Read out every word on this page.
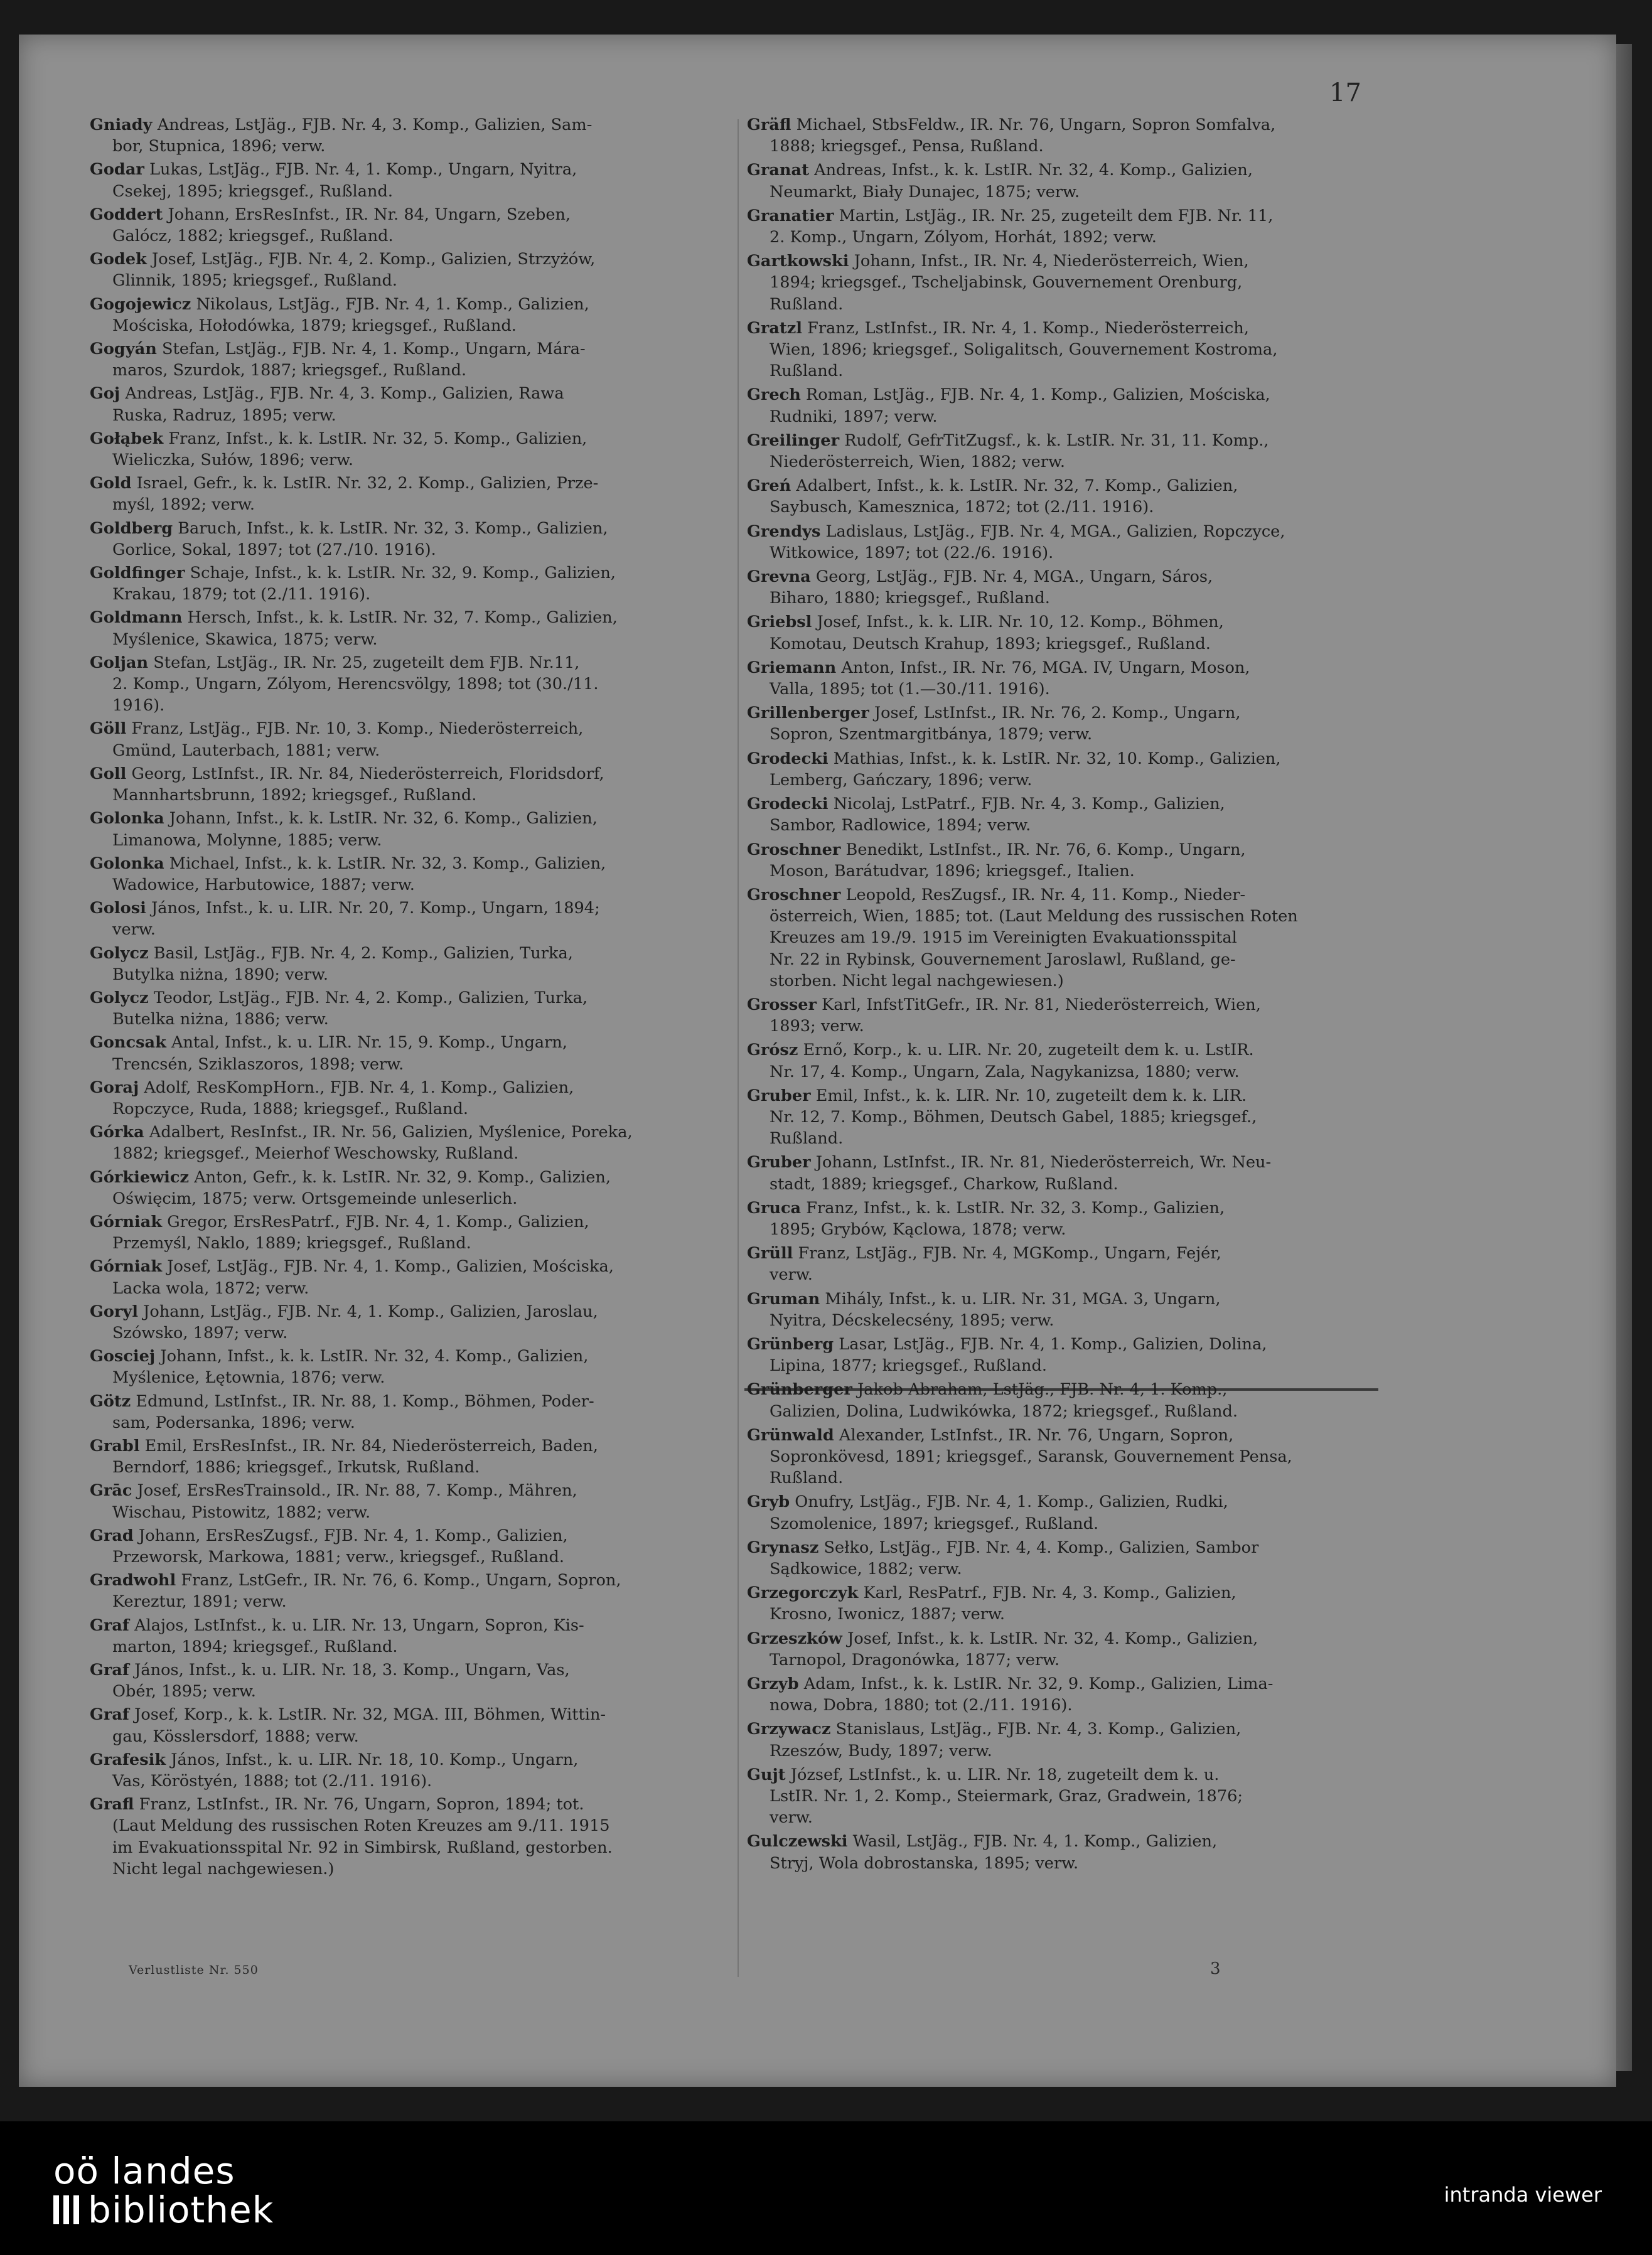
17
Gniady Andreas, LstJäg., FJB. Nr. 4, 3. Komp., Galizien, Sam-
bor, Stupnica, 1896; verw.
Godar Lukas, LstJäg., FJB. Nr. 4, 1. Komp., Ungarn, Nyitra,
Csekej, 1895; kriegsgef., Rußland.
Goddert Johann, ErsResInfst., IR. Nr. 84, Ungarn, Szeben,
Galócz, 1882; kriegsgef., Rußland.
Godek Josef, LstJäg., FJB. Nr. 4, 2. Komp., Galizien, Strzyżów,
Glinnik, 1895; kriegsgef., Rußland.
Gogojewicz Nikolaus, LstJäg., FJB. Nr. 4, 1. Komp., Galizien,
Mościska, Hołodówka, 1879; kriegsgef., Rußland.
Gogyán Stefan, LstJäg., FJB. Nr. 4, 1. Komp., Ungarn, Mára-
maros, Szurdok, 1887; kriegsgef., Rußland.
Goj Andreas, LstJäg., FJB. Nr. 4, 3. Komp., Galizien, Rawa
Ruska, Radruz, 1895; verw.
Gołąbek Franz, Infst., k. k. LstIR. Nr. 32, 5. Komp., Galizien,
Wieliczka, Sułów, 1896; verw.
Gold Israel, Gefr., k. k. LstIR. Nr. 32, 2. Komp., Galizien, Prze-
myśl, 1892; verw.
Goldberg Baruch, Infst., k. k. LstIR. Nr. 32, 3. Komp., Galizien,
Gorlice, Sokal, 1897; tot (27./10. 1916).
Goldfinger Schaje, Infst., k. k. LstIR. Nr. 32, 9. Komp., Galizien,
Krakau, 1879; tot (2./11. 1916).
Goldmann Hersch, Infst., k. k. LstIR. Nr. 32, 7. Komp., Galizien,
Myślenice, Skawica, 1875; verw.
Goljan Stefan, LstJäg., IR. Nr. 25, zugeteilt dem FJB. Nr.11,
2. Komp., Ungarn, Zólyom, Herencsvölgy, 1898; tot (30./11.
1916).
Göll Franz, LstJäg., FJB. Nr. 10, 3. Komp., Niederösterreich,
Gmünd, Lauterbach, 1881; verw.
Goll Georg, LstInfst., IR. Nr. 84, Niederösterreich, Floridsdorf,
Mannhartsbrunn, 1892; kriegsgef., Rußland.
Golonka Johann, Infst., k. k. LstIR. Nr. 32, 6. Komp., Galizien,
Limanowa, Molynne, 1885; verw.
Golonka Michael, Infst., k. k. LstIR. Nr. 32, 3. Komp., Galizien,
Wadowice, Harbutowice, 1887; verw.
Golosi János, Infst., k. u. LIR. Nr. 20, 7. Komp., Ungarn, 1894;
verw.
Golycz Basil, LstJäg., FJB. Nr. 4, 2. Komp., Galizien, Turka,
Butylka niżna, 1890; verw.
Golycz Teodor, LstJäg., FJB. Nr. 4, 2. Komp., Galizien, Turka,
Butelka niżna, 1886; verw.
Goncsak Antal, Infst., k. u. LIR. Nr. 15, 9. Komp., Ungarn,
Trencsén, Sziklaszoros, 1898; verw.
Goraj Adolf, ResKompHorn., FJB. Nr. 4, 1. Komp., Galizien,
Ropczyce, Ruda, 1888; kriegsgef., Rußland.
Górka Adalbert, ResInfst., IR. Nr. 56, Galizien, Myślenice, Poreka,
1882; kriegsgef., Meierhof Weschowsky, Rußland.
Górkiewicz Anton, Gefr., k. k. LstIR. Nr. 32, 9. Komp., Galizien,
Oświęcim, 1875; verw. Ortsgemeinde unleserlich.
Górniak Gregor, ErsResPatrf., FJB. Nr. 4, 1. Komp., Galizien,
Przemyśl, Naklo, 1889; kriegsgef., Rußland.
Górniak Josef, LstJäg., FJB. Nr. 4, 1. Komp., Galizien, Mościska,
Lacka wola, 1872; verw.
Goryl Johann, LstJäg., FJB. Nr. 4, 1. Komp., Galizien, Jaroslau,
Szówsko, 1897; verw.
Gosciej Johann, Infst., k. k. LstIR. Nr. 32, 4. Komp., Galizien,
Myślenice, Łętownia, 1876; verw.
Götz Edmund, LstInfst., IR. Nr. 88, 1. Komp., Böhmen, Poder-
sam, Podersanka, 1896; verw.
Grabl Emil, ErsResInfst., IR. Nr. 84, Niederösterreich, Baden,
Berndorf, 1886; kriegsgef., Irkutsk, Rußland.
Grāc Josef, ErsResTrainsold., IR. Nr. 88, 7. Komp., Mähren,
Wischau, Pistowitz, 1882; verw.
Grad Johann, ErsResZugsf., FJB. Nr. 4, 1. Komp., Galizien,
Przeworsk, Markowa, 1881; verw., kriegsgef., Rußland.
Gradwohl Franz, LstGefr., IR. Nr. 76, 6. Komp., Ungarn, Sopron,
Kereztur, 1891; verw.
Graf Alajos, LstInfst., k. u. LIR. Nr. 13, Ungarn, Sopron, Kis-
marton, 1894; kriegsgef., Rußland.
Graf János, Infst., k. u. LIR. Nr. 18, 3. Komp., Ungarn, Vas,
Obér, 1895; verw.
Graf Josef, Korp., k. k. LstIR. Nr. 32, MGA. III, Böhmen, Wittin-
gau, Kösslersdorf, 1888; verw.
Grafesik János, Infst., k. u. LIR. Nr. 18, 10. Komp., Ungarn,
Vas, Köröstyén, 1888; tot (2./11. 1916).
Grafl Franz, LstInfst., IR. Nr. 76, Ungarn, Sopron, 1894; tot.
(Laut Meldung des russischen Roten Kreuzes am 9./11. 1915
im Evakuationsspital Nr. 92 in Simbirsk, Rußland, gestorben.
Nicht legal nachgewiesen.)
Gräfl Michael, StbsFeldw., IR. Nr. 76, Ungarn, Sopron Somfalva,
1888; kriegsgef., Pensa, Rußland.
Granat Andreas, Infst., k. k. LstIR. Nr. 32, 4. Komp., Galizien,
Neumarkt, Biały Dunajec, 1875; verw.
Granatier Martin, LstJäg., IR. Nr. 25, zugeteilt dem FJB. Nr. 11,
2. Komp., Ungarn, Zólyom, Horhát, 1892; verw.
Gartkowski Johann, Infst., IR. Nr. 4, Niederösterreich, Wien,
1894; kriegsgef., Tscheljabinsk, Gouvernement Orenburg,
Rußland.
Gratzl Franz, LstInfst., IR. Nr. 4, 1. Komp., Niederösterreich,
Wien, 1896; kriegsgef., Soligalitsch, Gouvernement Kostroma,
Rußland.
Grech Roman, LstJäg., FJB. Nr. 4, 1. Komp., Galizien, Mościska,
Rudniki, 1897; verw.
Greilinger Rudolf, GefrTitZugsf., k. k. LstIR. Nr. 31, 11. Komp.,
Niederösterreich, Wien, 1882; verw.
Greń Adalbert, Infst., k. k. LstIR. Nr. 32, 7. Komp., Galizien,
Saybusch, Kamesznica, 1872; tot (2./11. 1916).
Grendys Ladislaus, LstJäg., FJB. Nr. 4, MGA., Galizien, Ropczyce,
Witkowice, 1897; tot (22./6. 1916).
Grevna Georg, LstJäg., FJB. Nr. 4, MGA., Ungarn, Sáros,
Biharo, 1880; kriegsgef., Rußland.
Griebsl Josef, Infst., k. k. LIR. Nr. 10, 12. Komp., Böhmen,
Komotau, Deutsch Krahup, 1893; kriegsgef., Rußland.
Griemann Anton, Infst., IR. Nr. 76, MGA. IV, Ungarn, Moson,
Valla, 1895; tot (1.—30./11. 1916).
Grillenberger Josef, LstInfst., IR. Nr. 76, 2. Komp., Ungarn,
Sopron, Szentmargitbánya, 1879; verw.
Grodecki Mathias, Infst., k. k. LstIR. Nr. 32, 10. Komp., Galizien,
Lemberg, Gańczary, 1896; verw.
Grodecki Nicolaj, LstPatrf., FJB. Nr. 4, 3. Komp., Galizien,
Sambor, Radlowice, 1894; verw.
Groschner Benedikt, LstInfst., IR. Nr. 76, 6. Komp., Ungarn,
Moson, Barátudvar, 1896; kriegsgef., Italien.
Groschner Leopold, ResZugsf., IR. Nr. 4, 11. Komp., Nieder-
österreich, Wien, 1885; tot. (Laut Meldung des russischen Roten
Kreuzes am 19./9. 1915 im Vereinigten Evakuationsspital
Nr. 22 in Rybinsk, Gouvernement Jaroslawl, Rußland, ge-
storben. Nicht legal nachgewiesen.)
Grosser Karl, InfstTitGefr., IR. Nr. 81, Niederösterreich, Wien,
1893; verw.
Grósz Ernő, Korp., k. u. LIR. Nr. 20, zugeteilt dem k. u. LstIR.
Nr. 17, 4. Komp., Ungarn, Zala, Nagykanizsa, 1880; verw.
Gruber Emil, Infst., k. k. LIR. Nr. 10, zugeteilt dem k. k. LIR.
Nr. 12, 7. Komp., Böhmen, Deutsch Gabel, 1885; kriegsgef.,
Rußland.
Gruber Johann, LstInfst., IR. Nr. 81, Niederösterreich, Wr. Neu-
stadt, 1889; kriegsgef., Charkow, Rußland.
Gruca Franz, Infst., k. k. LstIR. Nr. 32, 3. Komp., Galizien,
1895; Grybów, Kąclowa, 1878; verw.
Grüll Franz, LstJäg., FJB. Nr. 4, MGKomp., Ungarn, Fejér,
verw.
Gruman Mihály, Infst., k. u. LIR. Nr. 31, MGA. 3, Ungarn,
Nyitra, Décskelecsény, 1895; verw.
Grünberg Lasar, LstJäg., FJB. Nr. 4, 1. Komp., Galizien, Dolina,
Lipina, 1877; kriegsgef., Rußland.
Grünberger Jakob Abraham, LstJäg., FJB. Nr. 4, 1. Komp.,
Galizien, Dolina, Ludwikówka, 1872; kriegsgef., Rußland.
Grünwald Alexander, LstInfst., IR. Nr. 76, Ungarn, Sopron,
Sopronkövesd, 1891; kriegsgef., Saransk, Gouvernement Pensa,
Rußland.
Gryb Onufry, LstJäg., FJB. Nr. 4, 1. Komp., Galizien, Rudki,
Szomolenice, 1897; kriegsgef., Rußland.
Grynasz Sełko, LstJäg., FJB. Nr. 4, 4. Komp., Galizien, Sambor
Sądkowice, 1882; verw.
Grzegorczyk Karl, ResPatrf., FJB. Nr. 4, 3. Komp., Galizien,
Krosno, Iwonicz, 1887; verw.
Grzeszków Josef, Infst., k. k. LstIR. Nr. 32, 4. Komp., Galizien,
Tarnopol, Dragonówka, 1877; verw.
Grzyb Adam, Infst., k. k. LstIR. Nr. 32, 9. Komp., Galizien, Lima-
nowa, Dobra, 1880; tot (2./11. 1916).
Grzywacz Stanislaus, LstJäg., FJB. Nr. 4, 3. Komp., Galizien,
Rzeszów, Budy, 1897; verw.
Gujt József, LstInfst., k. u. LIR. Nr. 18, zugeteilt dem k. u.
LstIR. Nr. 1, 2. Komp., Steiermark, Graz, Gradwein, 1876;
verw.
Gulczewski Wasil, LstJäg., FJB. Nr. 4, 1. Komp., Galizien,
Stryj, Wola dobrostanska, 1895; verw.
Verlustliste Nr. 550	3
oö landes
bibliothek	intranda viewer
